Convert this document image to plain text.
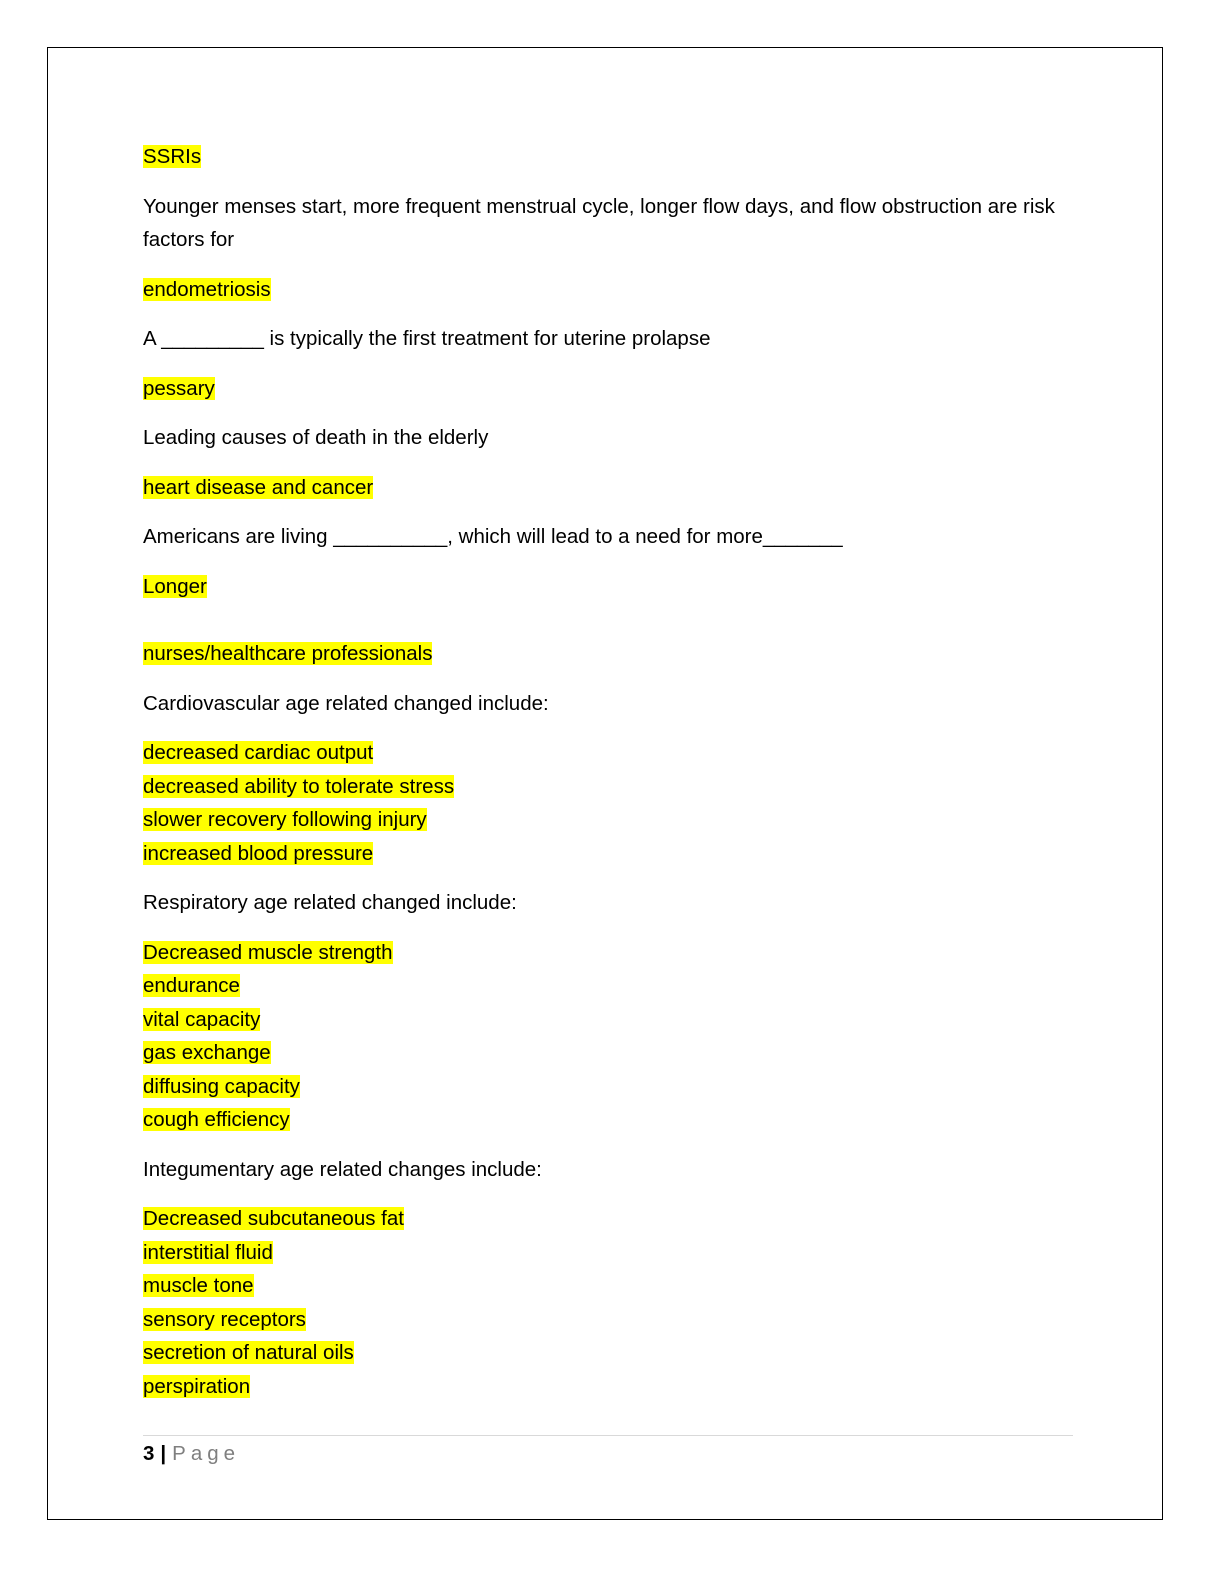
SSRIs

Younger menses start, more frequent menstrual cycle, longer flow days, and flow obstruction are risk factors for

endometriosis

A _________ is typically the first treatment for uterine prolapse

pessary

Leading causes of death in the elderly

heart disease and cancer

Americans are living __________, which will lead to a need for more_______

Longer

nurses/healthcare professionals

Cardiovascular age related changed include:

decreased cardiac output
decreased ability to tolerate stress
slower recovery following injury
increased blood pressure

Respiratory age related changed include:

Decreased muscle strength
endurance
vital capacity
gas exchange
diffusing capacity
cough efficiency

Integumentary age related changes include:

Decreased subcutaneous fat
interstitial fluid
muscle tone
sensory receptors
secretion of natural oils
perspiration
3 | Page
